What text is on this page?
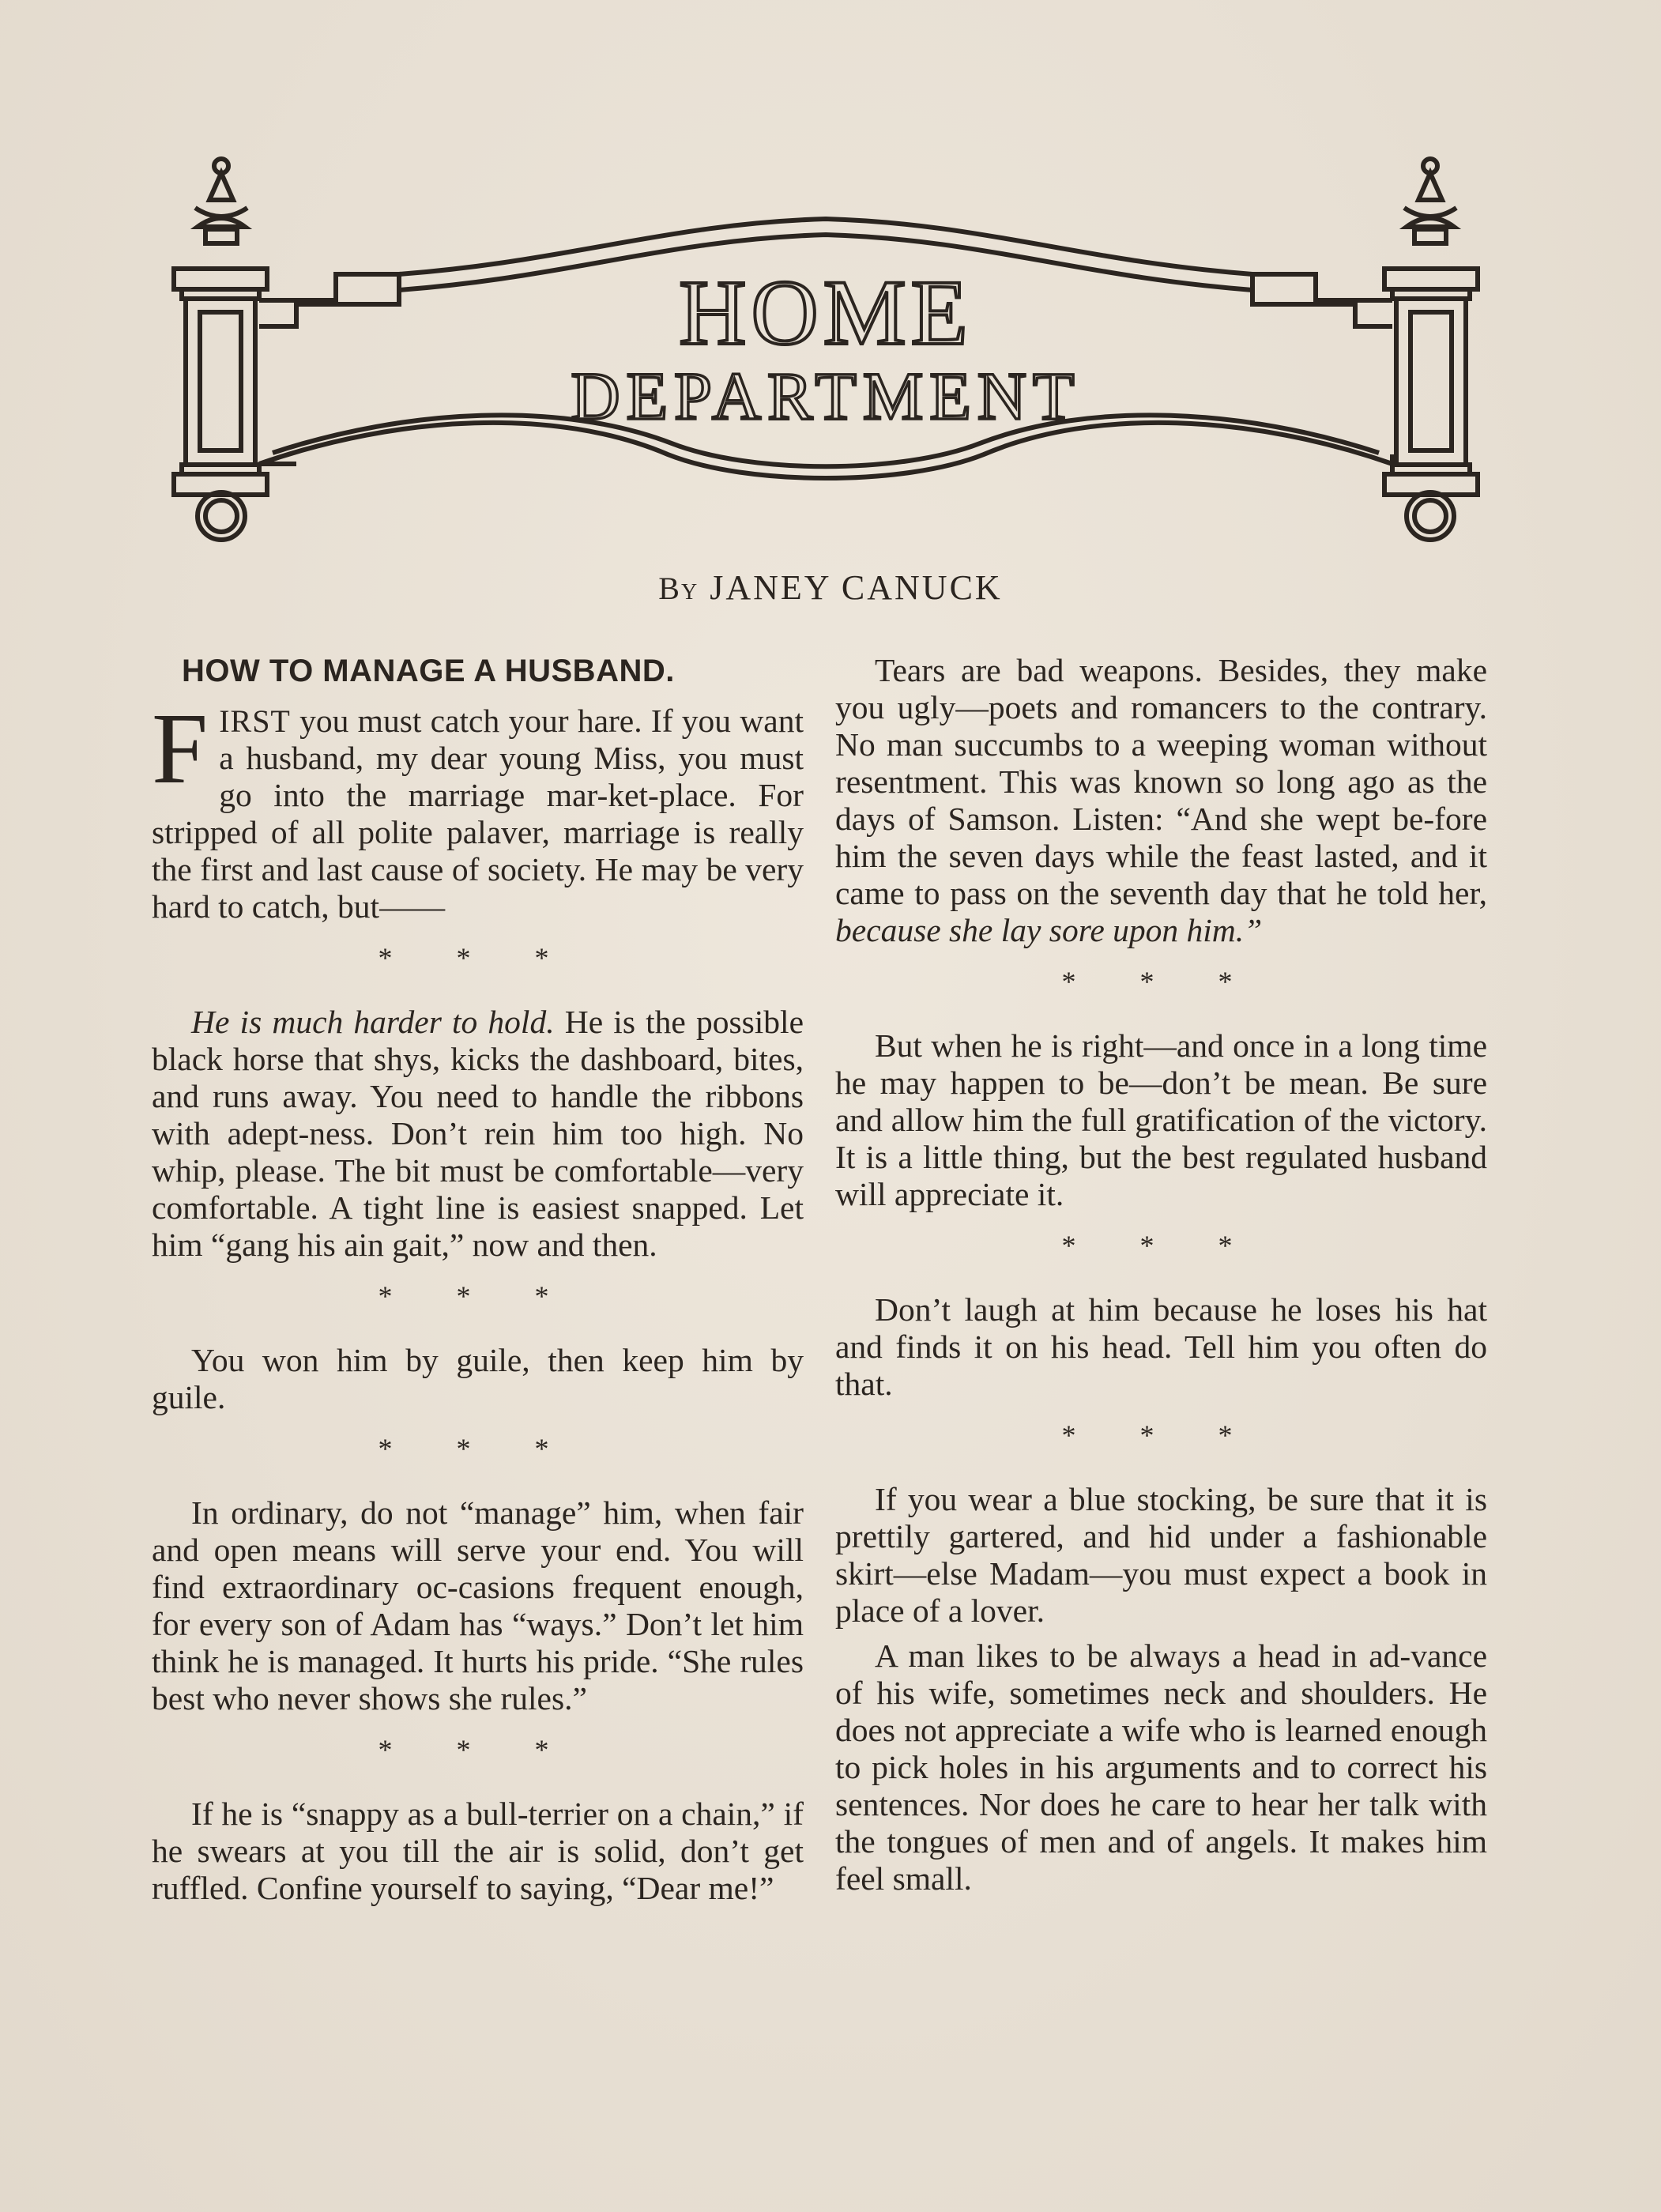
HOME
DEPARTMENT
By JANEY CANUCK
HOW TO MANAGE A HUSBAND.

FIRST you must catch your hare. If you want a husband, my dear young Miss, you must go into the marriage mar-ket-place. For stripped of all polite palaver, marriage is really the first and last cause of society. He may be very hard to catch, but——

* * *

He is much harder to hold. He is the possible black horse that shys, kicks the dashboard, bites, and runs away. You need to handle the ribbons with adept-ness. Don’t rein him too high. No whip, please. The bit must be comfortable—very comfortable. A tight line is easiest snapped. Let him “gang his ain gait,” now and then.

* * *

You won him by guile, then keep him by guile.

* * *

In ordinary, do not “manage” him, when fair and open means will serve your end. You will find extraordinary oc-casions frequent enough, for every son of Adam has “ways.” Don’t let him think he is managed. It hurts his pride. “She rules best who never shows she rules.”

* * *

If he is “snappy as a bull-terrier on a chain,” if he swears at you till the air is solid, don’t get ruffled. Confine yourself to saying, “Dear me!”

Tears are bad weapons. Besides, they make you ugly—poets and romancers to the contrary. No man succumbs to a weeping woman without resentment. This was known so long ago as the days of Samson. Listen: “And she wept be-fore him the seven days while the feast lasted, and it came to pass on the seventh day that he told her, because she lay sore upon him.”

* * *

But when he is right—and once in a long time he may happen to be—don’t be mean. Be sure and allow him the full gratification of the victory. It is a little thing, but the best regulated husband will appreciate it.

* * *

Don’t laugh at him because he loses his hat and finds it on his head. Tell him you often do that.

* * *

If you wear a blue stocking, be sure that it is prettily gartered, and hid under a fashionable skirt—else Madam—you must expect a book in place of a lover.

A man likes to be always a head in ad-vance of his wife, sometimes neck and shoulders. He does not appreciate a wife who is learned enough to pick holes in his arguments and to correct his sentences. Nor does he care to hear her talk with the tongues of men and of angels. It makes him feel small.
